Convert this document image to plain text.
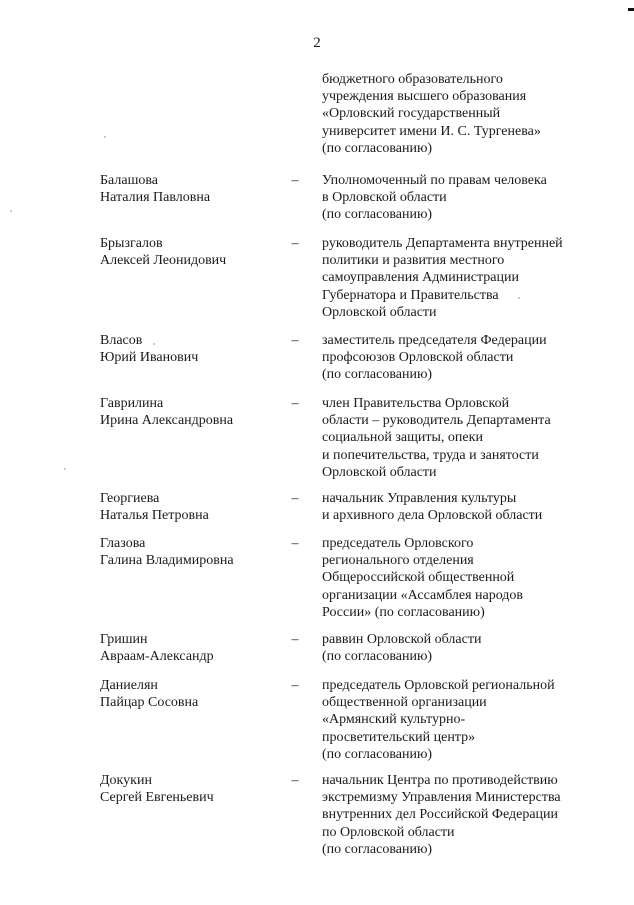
2
бюджетного образовательного
учреждения высшего образования
«Орловский государственный
университет имени И. С. Тургенева»
(по согласованию)
Балашова
Наталия Павловна
– Уполномоченный по правам человека
в Орловской области
(по согласованию)
Брызгалов
Алексей Леонидович
– руководитель Департамента внутренней
политики и развития местного
самоуправления Администрации
Губернатора и Правительства
Орловской области
Власов
Юрий Иванович
– заместитель председателя Федерации
профсоюзов Орловской области
(по согласованию)
Гаврилина
Ирина Александровна
– член Правительства Орловской
области – руководитель Департамента
социальной защиты, опеки
и попечительства, труда и занятости
Орловской области
Георгиева
Наталья Петровна
– начальник Управления культуры
и архивного дела Орловской области
Глазова
Галина Владимировна
– председатель Орловского
регионального отделения
Общероссийской общественной
организации «Ассамблея народов
России» (по согласованию)
Гришин
Авраам-Александр
– раввин Орловской области
(по согласованию)
Даниелян
Пайцар Сосовна
– председатель Орловской региональной
общественной организации
«Армянский культурно-
просветительский центр»
(по согласованию)
Докукин
Сергей Евгеньевич
– начальник Центра по противодействию
экстремизму Управления Министерства
внутренних дел Российской Федерации
по Орловской области
(по согласованию)
